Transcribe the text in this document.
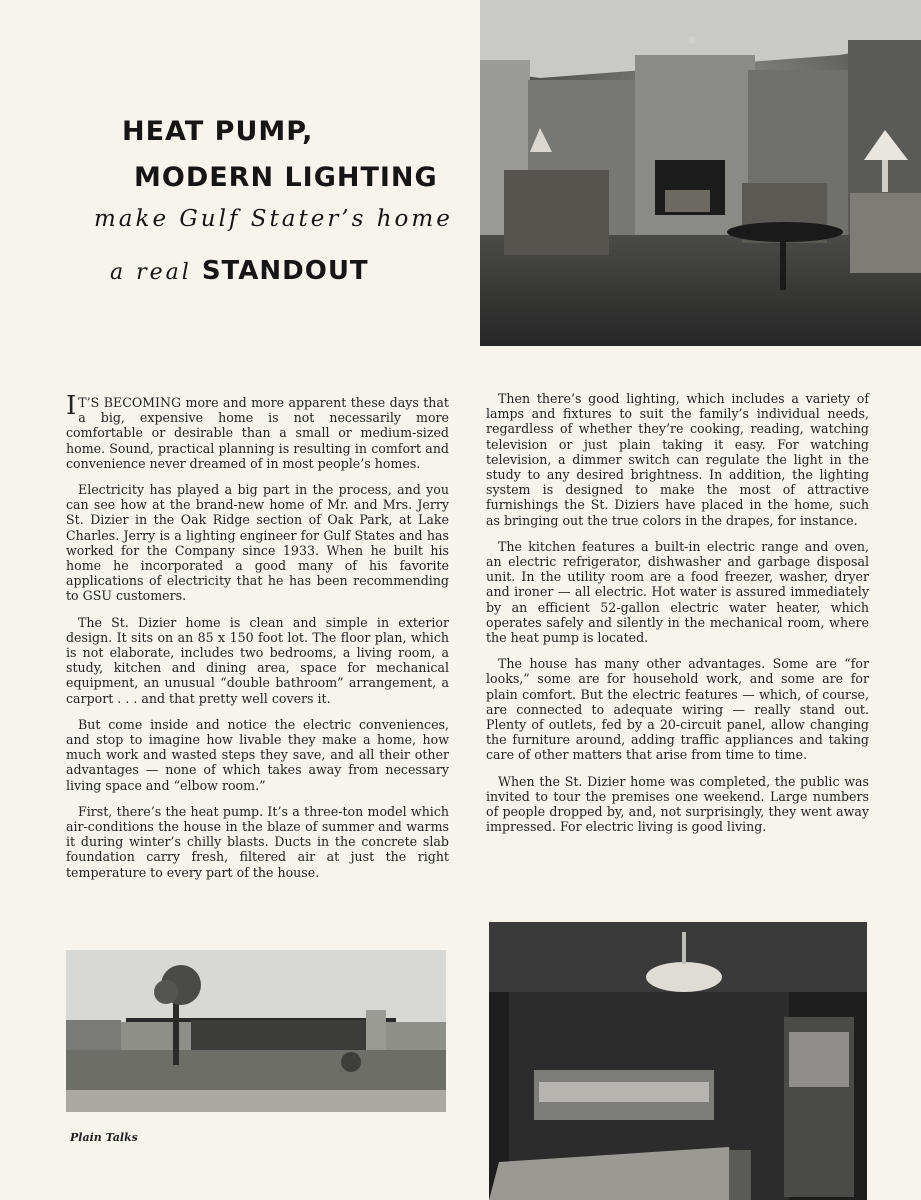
HEAT PUMP,
MODERN LIGHTING
make Gulf Stater’s home
a real STANDOUT

I T’S BECOMING more and more apparent these days that a big, expensive home is not necessarily more comfortable or desirable than a small or medium-sized home. Sound, practical planning is resulting in comfort and convenience never dreamed of in most people’s homes.

Electricity has played a big part in the process, and you can see how at the brand-new home of Mr. and Mrs. Jerry St. Dizier in the Oak Ridge section of Oak Park, at Lake Charles. Jerry is a lighting engineer for Gulf States and has worked for the Company since 1933. When he built his home he incorporated a good many of his favorite applications of electricity that he has been recommending to GSU customers.

The St. Dizier home is clean and simple in exterior design. It sits on an 85 x 150 foot lot. The floor plan, which is not elaborate, includes two bedrooms, a living room, a study, kitchen and dining area, space for mechanical equipment, an unusual “double bathroom” arrangement, a carport . . . and that pretty well covers it.

But come inside and notice the electric conveniences, and stop to imagine how livable they make a home, how much work and wasted steps they save, and all their other advantages — none of which takes away from necessary living space and “elbow room.”

First, there’s the heat pump. It’s a three-ton model which air-conditions the house in the blaze of summer and warms it during winter’s chilly blasts. Ducts in the concrete slab foundation carry fresh, filtered air at just the right temperature to every part of the house.

Then there’s good lighting, which includes a variety of lamps and fixtures to suit the family’s individual needs, regardless of whether they’re cooking, reading, watching television or just plain taking it easy. For watching television, a dimmer switch can regulate the light in the study to any desired brightness. In addition, the lighting system is designed to make the most of attractive furnishings the St. Diziers have placed in the home, such as bringing out the true colors in the drapes, for instance.

The kitchen features a built-in electric range and oven, an electric refrigerator, dishwasher and garbage disposal unit. In the utility room are a food freezer, washer, dryer and ironer — all electric. Hot water is assured immediately by an efficient 52-gallon electric water heater, which operates safely and silently in the mechanical room, where the heat pump is located.

The house has many other advantages. Some are “for looks,” some are for household work, and some are for plain comfort. But the electric features — which, of course, are connected to adequate wiring — really stand out. Plenty of outlets, fed by a 20-circuit panel, allow changing the furniture around, adding traffic appliances and taking care of other matters that arise from time to time.

When the St. Dizier home was completed, the public was invited to tour the premises one weekend. Large numbers of people dropped by, and, not surprisingly, they went away impressed. For electric living is good living.

Plain Talks
